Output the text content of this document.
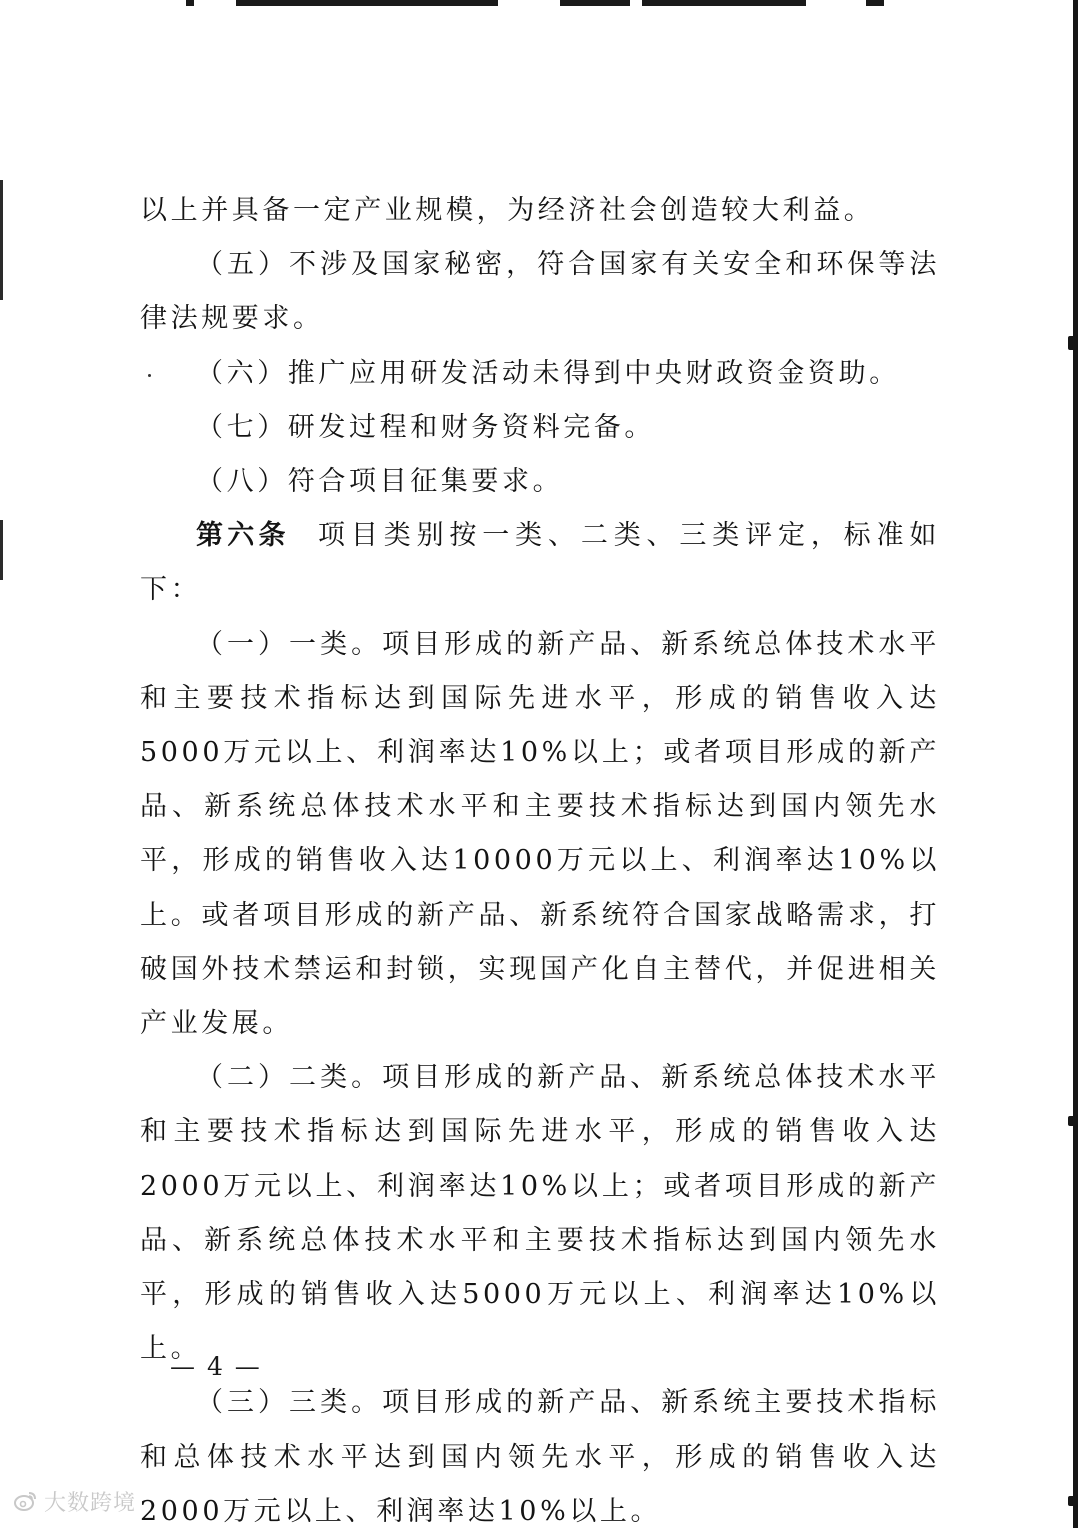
以上并具备一定产业规模，为经济社会创造较大利益。

（五）不涉及国家秘密，符合国家有关安全和环保等法律法规要求。

（六）推广应用研发活动未得到中央财政资金资助。

（七）研发过程和财务资料完备。

（八）符合项目征集要求。

第六条 项目类别按一类、二类、三类评定，标准如下：

（一）一类。项目形成的新产品、新系统总体技术水平和主要技术指标达到国际先进水平，形成的销售收入达5000万元以上、利润率达10%以上；或者项目形成的新产品、新系统总体技术水平和主要技术指标达到国内领先水平，形成的销售收入达10000万元以上、利润率达10%以上。或者项目形成的新产品、新系统符合国家战略需求，打破国外技术禁运和封锁，实现国产化自主替代，并促进相关产业发展。

（二）二类。项目形成的新产品、新系统总体技术水平和主要技术指标达到国际先进水平，形成的销售收入达2000万元以上、利润率达10%以上；或者项目形成的新产品、新系统总体技术水平和主要技术指标达到国内领先水平，形成的销售收入达5000万元以上、利润率达10%以上。

（三）三类。项目形成的新产品、新系统主要技术指标和总体技术水平达到国内领先水平，形成的销售收入达2000万元以上、利润率达10%以上。

— 4 —
大数跨境
